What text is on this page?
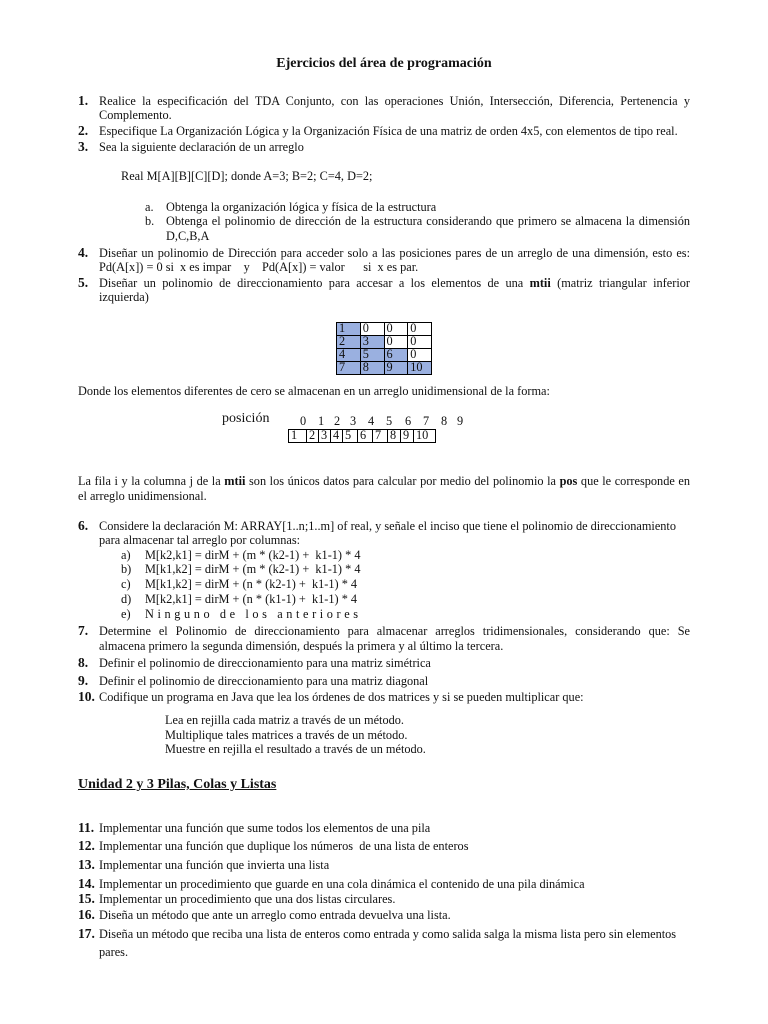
Ejercicios del área de programación
1. Realice la especificación del TDA Conjunto, con las operaciones Unión, Intersección, Diferencia, Pertenencia y
Complemento.
2. Especifique La Organización Lógica y la Organización Física de una matriz de orden 4x5, con elementos de tipo real.
3. Sea la siguiente declaración de un arreglo
Real M[A][B][C][D]; donde A=3; B=2; C=4, D=2;
a. Obtenga la organización lógica y física de la estructura
b. Obtenga el polinomio de dirección de la estructura considerando que primero se almacena la dimensión
D,C,B,A
4. Diseñar un polinomio de Dirección para acceder solo a las posiciones pares de un arreglo de una dimensión, esto es:
Pd(A[x]) = 0 si  x es impar    y    Pd(A[x]) = valor      si  x es par.
5. Diseñar un polinomio de direccionamiento para accesar a los elementos de una mtii (matriz triangular inferior
izquierda)
1	0	0	0
2	3	0	0
4	5	6	0
7	8	9	10
Donde los elementos diferentes de cero se almacenan en un arreglo unidimensional de la forma:
posición 0 1 2 3 4 5 6 7 8 9
1	2	3	4	5	6	7	8	9	10
La fila i y la columna j de la mtii son los únicos datos para calcular por medio del polinomio la pos que le corresponde en
el arreglo unidimensional.
6. Considere la declaración M: ARRAY[1..n;1..m] of real, y señale el inciso que tiene el polinomio de direccionamiento
para almacenar tal arreglo por columnas:
a) M[k2,k1] = dirM + (m * (k2-1) +  k1-1) * 4
b) M[k1,k2] = dirM + (m * (k2-1) +  k1-1) * 4
c) M[k1,k2] = dirM + (n * (k2-1) +  k1-1) * 4
d) M[k2,k1] = dirM + (n * (k1-1) +  k1-1) * 4
e) Ninguno de los anteriores
7. Determine el Polinomio de direccionamiento para almacenar arreglos tridimensionales, considerando que: Se
almacena primero la segunda dimensión, después la primera y al último la tercera.
8. Definir el polinomio de direccionamiento para una matriz simétrica
9. Definir el polinomio de direccionamiento para una matriz diagonal
10. Codifique un programa en Java que lea los órdenes de dos matrices y si se pueden multiplicar que:
Lea en rejilla cada matriz a través de un método.
Multiplique tales matrices a través de un método.
Muestre en rejilla el resultado a través de un método.
Unidad 2 y 3 Pilas, Colas y Listas
11. Implementar una función que sume todos los elementos de una pila
12. Implementar una función que duplique los números  de una lista de enteros
13. Implementar una función que invierta una lista
14. Implementar un procedimiento que guarde en una cola dinámica el contenido de una pila dinámica
15. Implementar un procedimiento que una dos listas circulares.
16. Diseña un método que ante un arreglo como entrada devuelva una lista.
17. Diseña un método que reciba una lista de enteros como entrada y como salida salga la misma lista pero sin elementos
pares.
